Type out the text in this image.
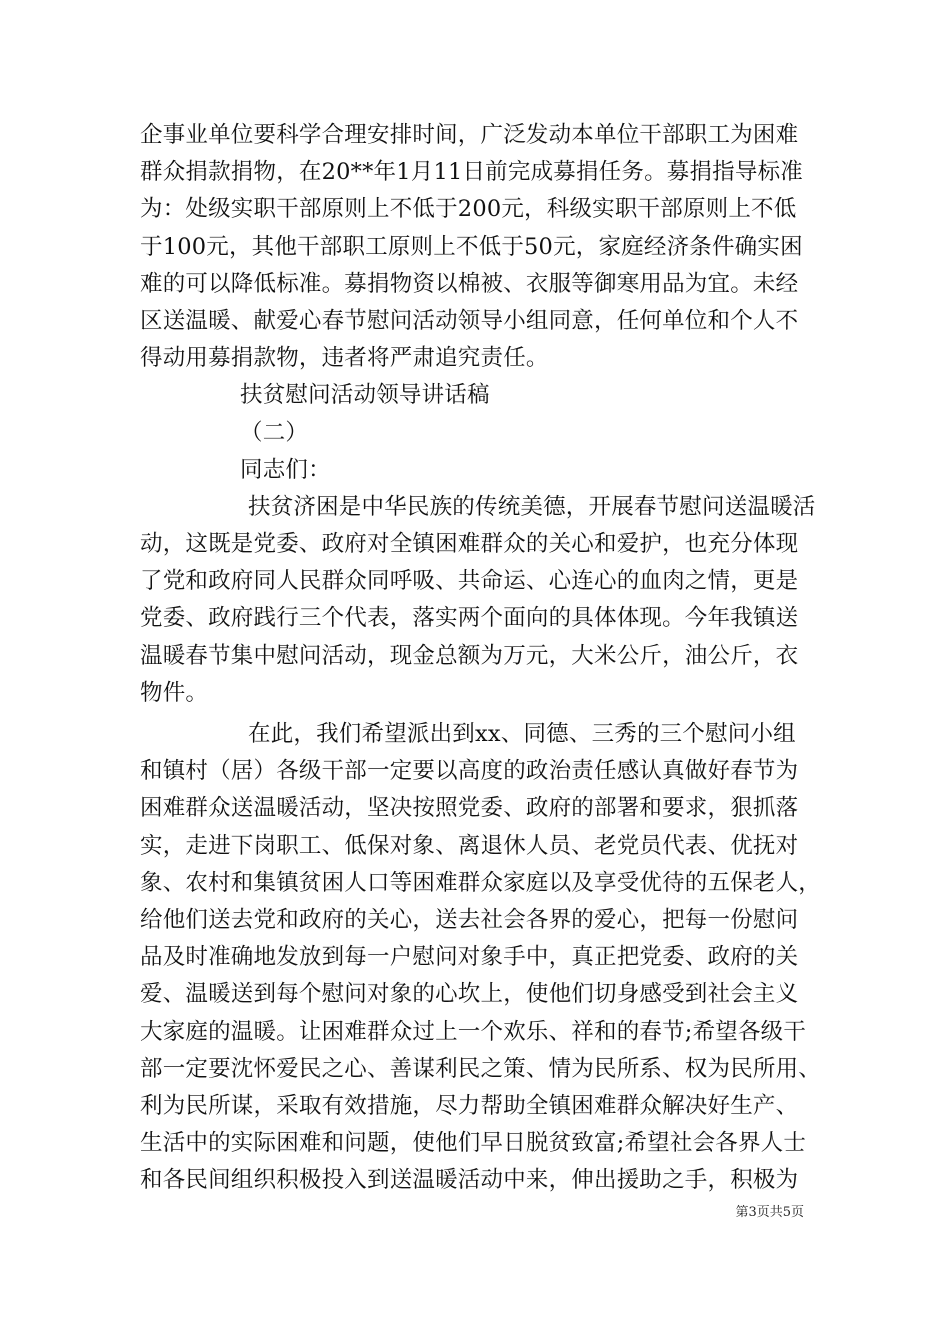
企事业单位要科学合理安排时间，广泛发动本单位干部职工为困难
群众捐款捐物，在20**年1月11日前完成募捐任务。募捐指导标准
为：处级实职干部原则上不低于200元，科级实职干部原则上不低
于100元，其他干部职工原则上不低于50元，家庭经济条件确实困
难的可以降低标准。募捐物资以棉被、衣服等御寒用品为宜。未经
区送温暖、献爱心春节慰问活动领导小组同意，任何单位和个人不
得动用募捐款物，违者将严肃追究责任。
扶贫慰问活动领导讲话稿
（二）
同志们：
扶贫济困是中华民族的传统美德，开展春节慰问送温暖活
动，这既是党委、政府对全镇困难群众的关心和爱护，也充分体现
了党和政府同人民群众同呼吸、共命运、心连心的血肉之情，更是
党委、政府践行三个代表，落实两个面向的具体体现。今年我镇送
温暖春节集中慰问活动，现金总额为万元，大米公斤，油公斤，衣
物件。
在此，我们希望派出到xx、同德、三秀的三个慰问小组
和镇村（居）各级干部一定要以高度的政治责任感认真做好春节为
困难群众送温暖活动，坚决按照党委、政府的部署和要求，狠抓落
实，走进下岗职工、低保对象、离退休人员、老党员代表、优抚对
象、农村和集镇贫困人口等困难群众家庭以及享受优待的五保老人，
给他们送去党和政府的关心，送去社会各界的爱心，把每一份慰问
品及时准确地发放到每一户慰问对象手中，真正把党委、政府的关
爱、温暖送到每个慰问对象的心坎上，使他们切身感受到社会主义
大家庭的温暖。让困难群众过上一个欢乐、祥和的春节;希望各级干
部一定要沈怀爱民之心、善谋利民之策、情为民所系、权为民所用、
利为民所谋，采取有效措施，尽力帮助全镇困难群众解决好生产、
生活中的实际困难和问题，使他们早日脱贫致富;希望社会各界人士
和各民间组织积极投入到送温暖活动中来，伸出援助之手，积极为
第3页共5页
